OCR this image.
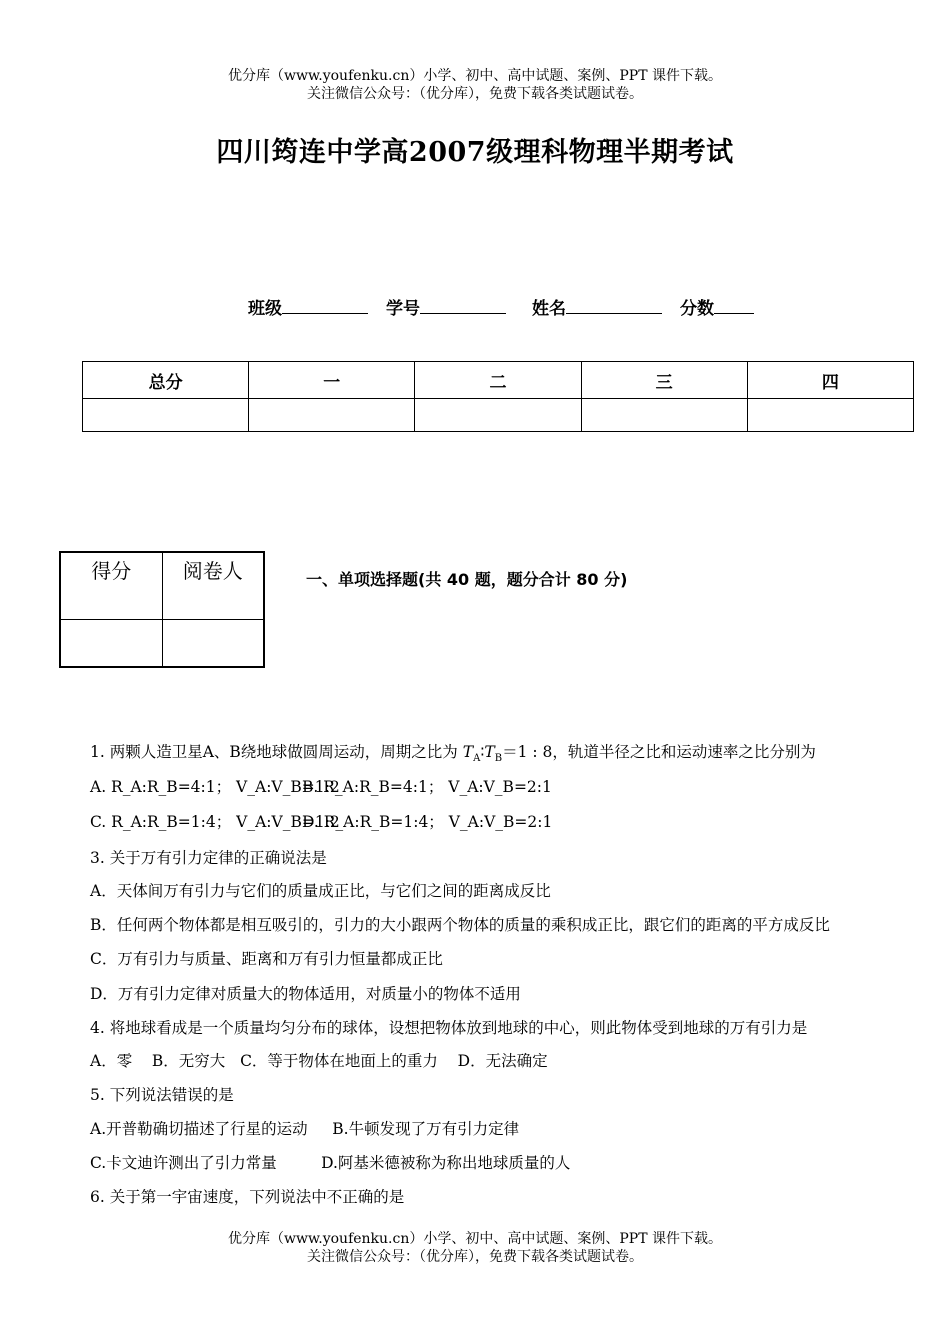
优分库（www.youfenku.cn）小学、初中、高中试题、案例、PPT 课件下载。
关注微信公众号：（优分库），免费下载各类试题试卷。
四川筠连中学高2007级理科物理半期考试
班级	学号	姓名	分数
总分	一	二	三	四

得分	阅卷人
		一、单项选择题(共 40 题，题分合计 80 分)
1. 两颗人造卫星A、B绕地球做圆周运动，周期之比为 $T_A∶T_B=1$ : 8，轨道半径之比和运动速率之比分别为
A. R_A:R_B=4:1； V_A:V_B=1:2B. R_A:R_B=4:1； V_A:V_B=2:1
C. R_A:R_B=1:4； V_A:V_B=1:2D. R_A:R_B=1:4； V_A:V_B=2:1
3. 关于万有引力定律的正确说法是
A．天体间万有引力与它们的质量成正比，与它们之间的距离成反比
B．任何两个物体都是相互吸引的，引力的大小跟两个物体的质量的乘积成正比，跟它们的距离的平方成反比
C．万有引力与质量、距离和万有引力恒量都成正比
D．万有引力定律对质量大的物体适用，对质量小的物体不适用
4. 将地球看成是一个质量均匀分布的球体，设想把物体放到地球的中心，则此物体受到地球的万有引力是
A．零    B．无穷大   C．等于物体在地面上的重力    D．无法确定
5. 下列说法错误的是
A.开普勒确切描述了行星的运动     B.牛顿发现了万有引力定律
C.卡文迪许测出了引力常量         D.阿基米德被称为称出地球质量的人
6. 关于第一宇宙速度，下列说法中不正确的是
优分库（www.youfenku.cn）小学、初中、高中试题、案例、PPT 课件下载。
关注微信公众号：（优分库），免费下载各类试题试卷。
